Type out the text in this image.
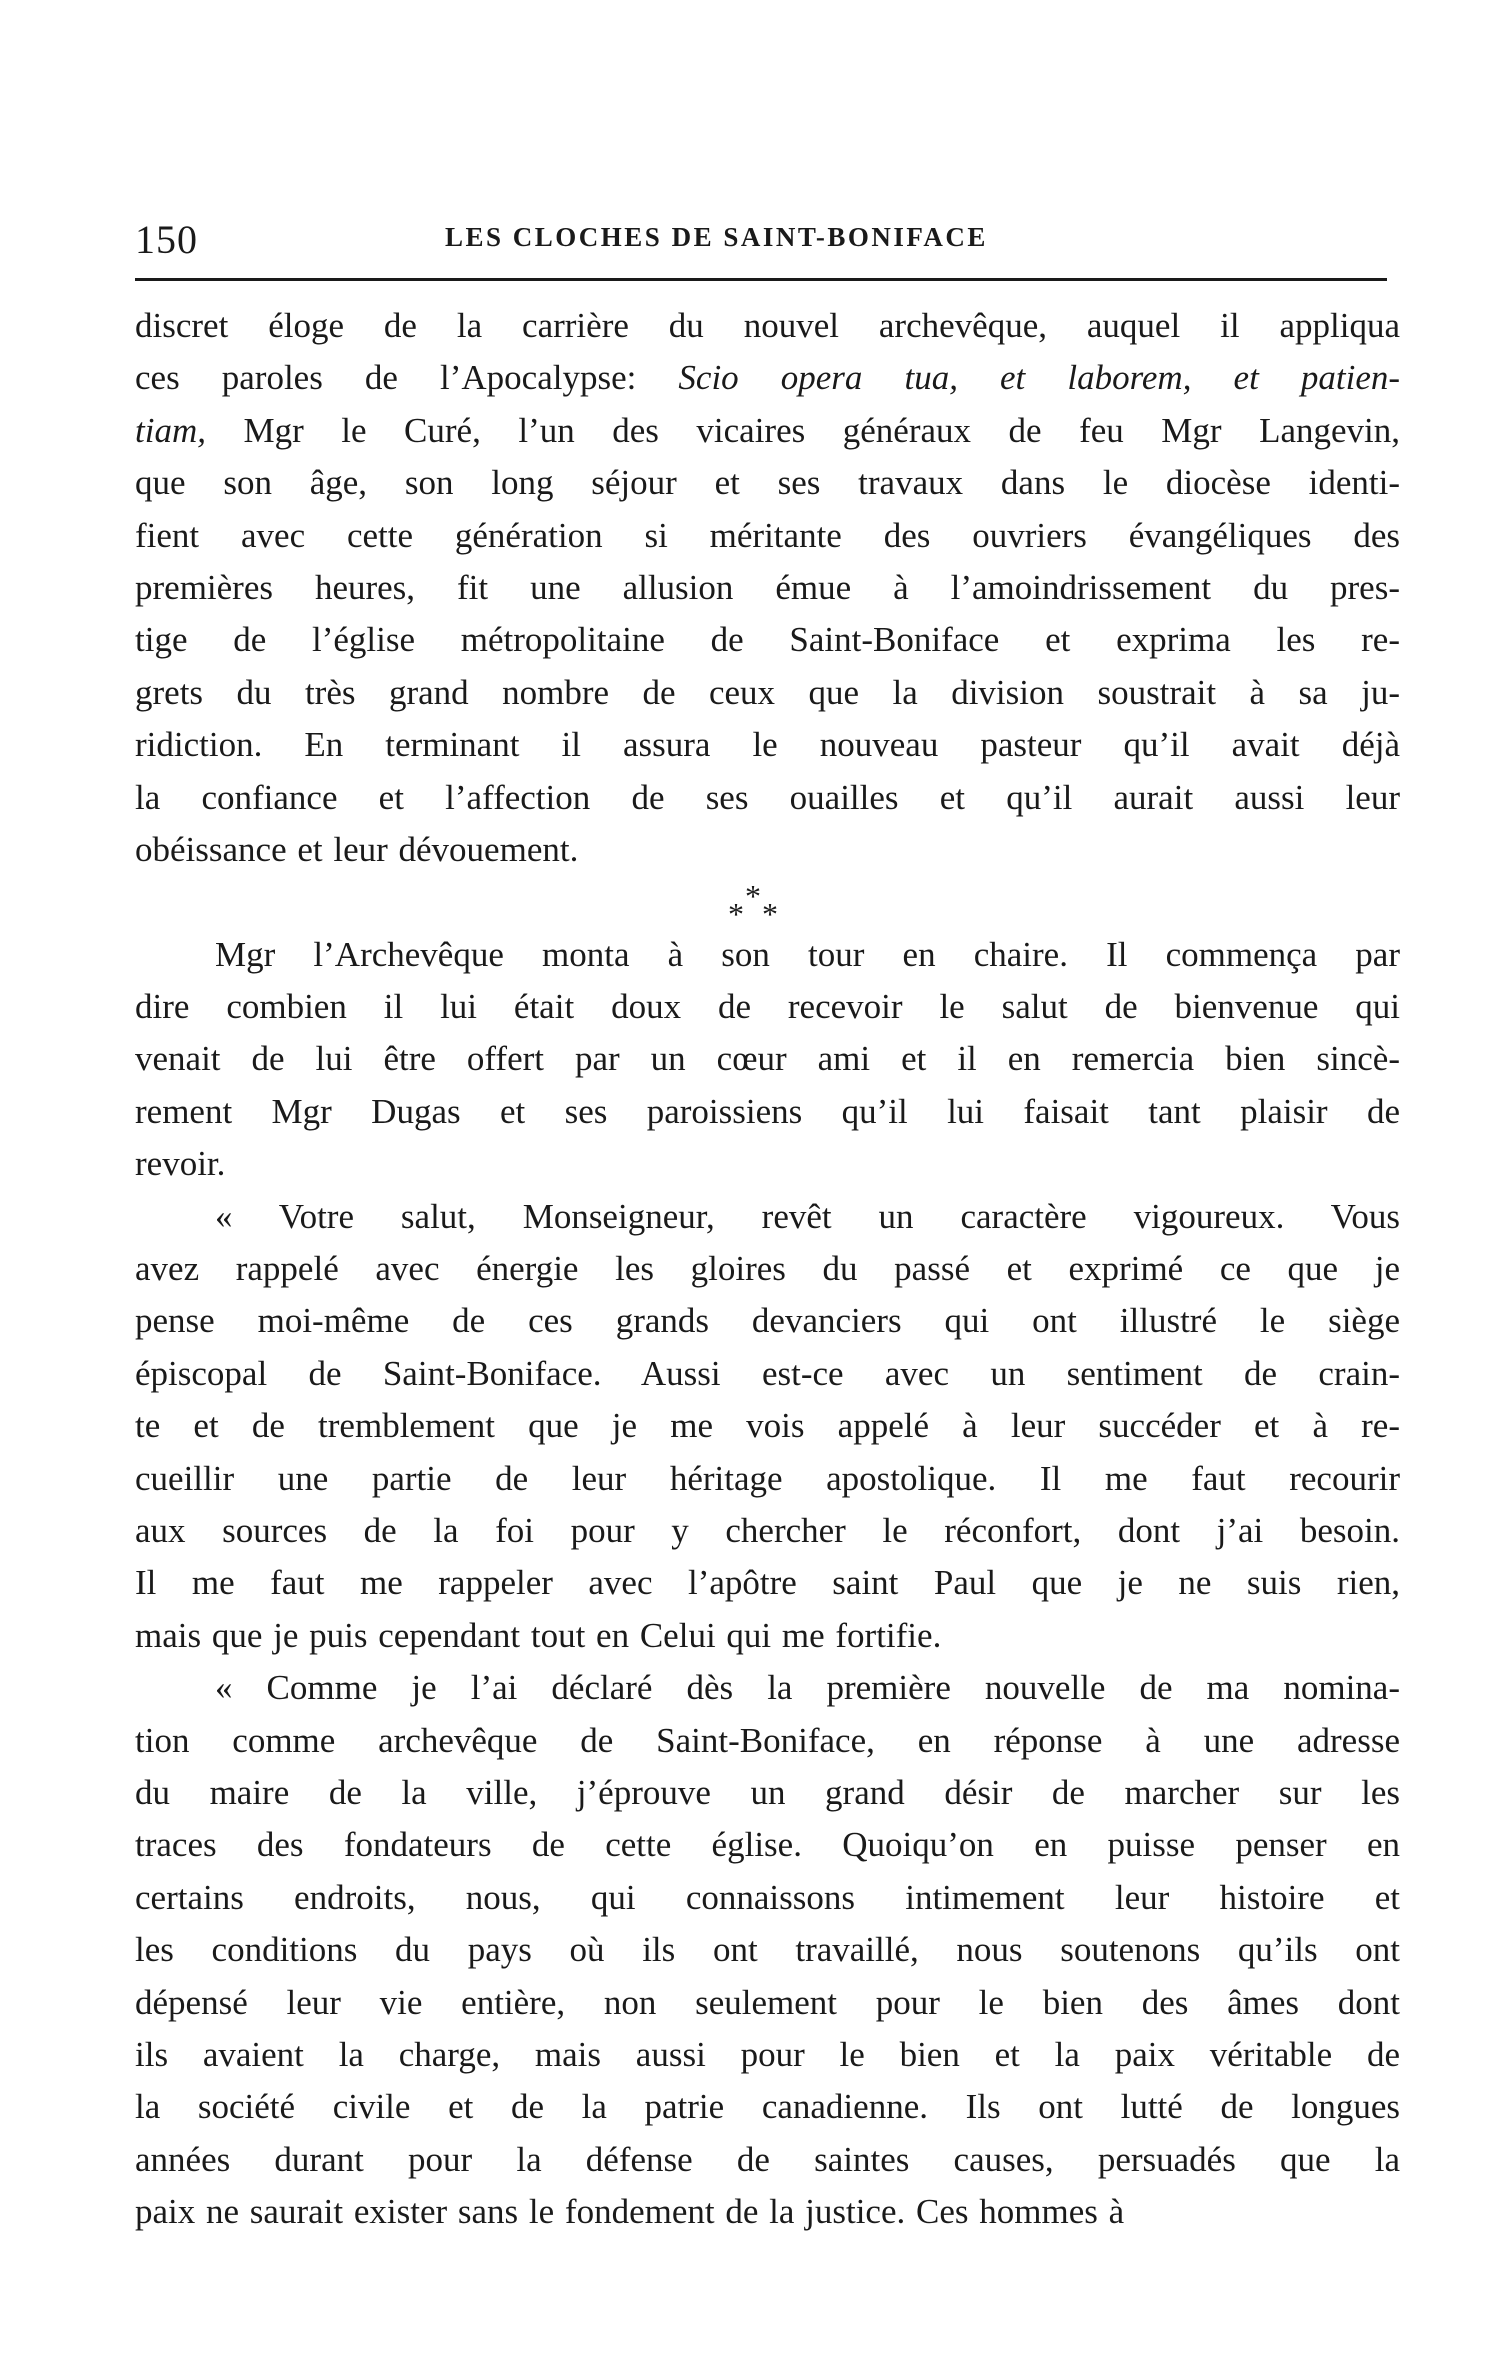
150	LES CLOCHES DE SAINT-BONIFACE
discret éloge de la carrière du nouvel archevêque, auquel il appliqua
ces paroles de l’Apocalypse: Scio opera tua, et laborem, et patien-
tiam, Mgr le Curé, l’un des vicaires généraux de feu Mgr Langevin,
que son âge, son long séjour et ses travaux dans le diocèse identi-
fient avec cette génération si méritante des ouvriers évangéliques des
premières heures, fit une allusion émue à l’amoindrissement du pres-
tige de l’église métropolitaine de Saint-Boniface et exprima les re-
grets du très grand nombre de ceux que la division soustrait à sa ju-
ridiction. En terminant il assura le nouveau pasteur qu’il avait déjà
la confiance et l’affection de ses ouailles et qu’il aurait aussi leur
obéissance et leur dévouement.
*
* *
Mgr l’Archevêque monta à son tour en chaire. Il commença par
dire combien il lui était doux de recevoir le salut de bienvenue qui
venait de lui être offert par un cœur ami et il en remercia bien sincè-
rement Mgr Dugas et ses paroissiens qu’il lui faisait tant plaisir de
revoir.
« Votre salut, Monseigneur, revêt un caractère vigoureux. Vous
avez rappelé avec énergie les gloires du passé et exprimé ce que je
pense moi-même de ces grands devanciers qui ont illustré le siège
épiscopal de Saint-Boniface. Aussi est-ce avec un sentiment de crain-
te et de tremblement que je me vois appelé à leur succéder et à re-
cueillir une partie de leur héritage apostolique. Il me faut recourir
aux sources de la foi pour y chercher le réconfort, dont j’ai besoin.
Il me faut me rappeler avec l’apôtre saint Paul que je ne suis rien,
mais que je puis cependant tout en Celui qui me fortifie.
« Comme je l’ai déclaré dès la première nouvelle de ma nomina-
tion comme archevêque de Saint-Boniface, en réponse à une adresse
du maire de la ville, j’éprouve un grand désir de marcher sur les
traces des fondateurs de cette église. Quoiqu’on en puisse penser en
certains endroits, nous, qui connaissons intimement leur histoire et
les conditions du pays où ils ont travaillé, nous soutenons qu’ils ont
dépensé leur vie entière, non seulement pour le bien des âmes dont
ils avaient la charge, mais aussi pour le bien et la paix véritable de
la société civile et de la patrie canadienne. Ils ont lutté de longues
années durant pour la défense de saintes causes, persuadés que la
paix ne saurait exister sans le fondement de la justice. Ces hommes à
